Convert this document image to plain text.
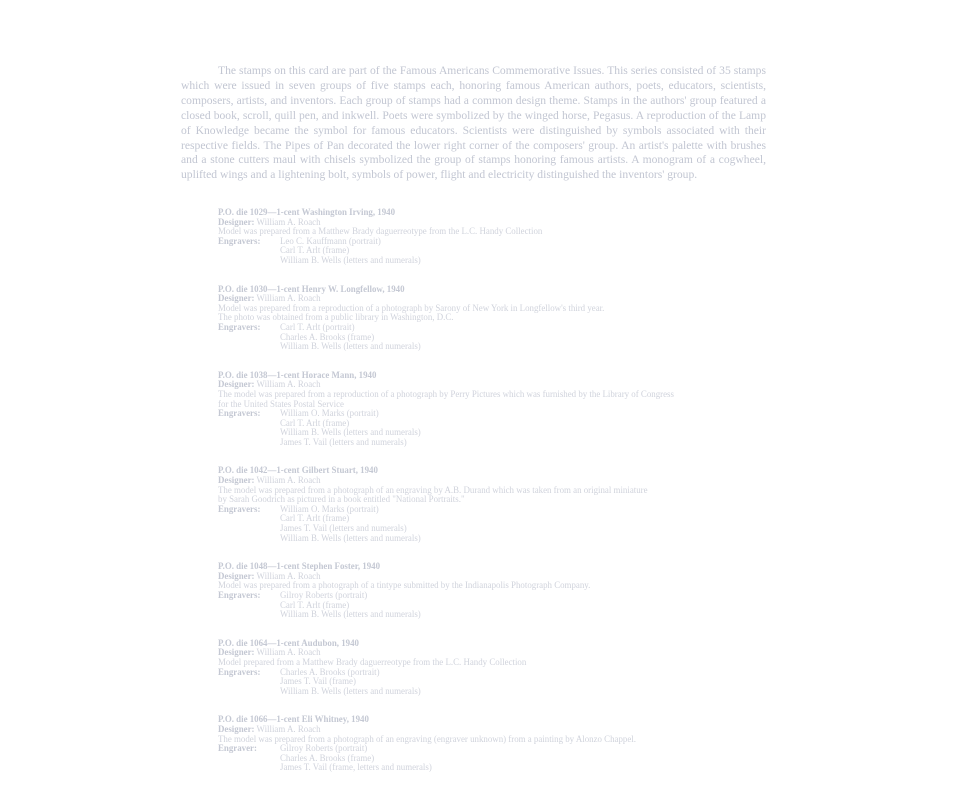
The stamps on this card are part of the Famous Americans Commemorative Issues. This series consisted of 35 stamps which were issued in seven groups of five stamps each, honoring famous American authors, poets, educators, scientists, composers, artists, and inventors. Each group of stamps had a common design theme. Stamps in the authors' group featured a closed book, scroll, quill pen, and inkwell. Poets were symbolized by the winged horse, Pegasus. A reproduction of the Lamp of Knowledge became the symbol for famous educators. Scientists were distinguished by symbols associated with their respective fields. The Pipes of Pan decorated the lower right corner of the composers' group. An artist's palette with brushes and a stone cutters maul with chisels symbolized the group of stamps honoring famous artists. A monogram of a cogwheel, uplifted wings and a lightening bolt, symbols of power, flight and electricity distinguished the inventors' group.

P.O. die 1029—1-cent Washington Irving, 1940
Designer: William A. Roach
Model was prepared from a Matthew Brady daguerreotype from the L.C. Handy Collection
Engravers:	Leo C. Kauffmann (portrait)
Carl T. Arlt (frame)
William B. Wells (letters and numerals)
P.O. die 1030—1-cent Henry W. Longfellow, 1940
Designer: William A. Roach
Model was prepared from a reproduction of a photograph by Sarony of New York in Longfellow's third year.
The photo was obtained from a public library in Washington, D.C.
Engravers:	Carl T. Arlt (portrait)
Charles A. Brooks (frame)
William B. Wells (letters and numerals)
P.O. die 1038—1-cent Horace Mann, 1940
Designer: William A. Roach
The model was prepared from a reproduction of a photograph by Perry Pictures which was furnished by the Library of Congress
for the United States Postal Service
Engravers:	William O. Marks (portrait)
Carl T. Arlt (frame)
William B. Wells (letters and numerals)
James T. Vail (letters and numerals)
P.O. die 1042—1-cent Gilbert Stuart, 1940
Designer: William A. Roach
The model was prepared from a photograph of an engraving by A.B. Durand which was taken from an original miniature
by Sarah Goodrich as pictured in a book entitled "National Portraits."
Engravers:	William O. Marks (portrait)
Carl T. Arlt (frame)
James T. Vail (letters and numerals)
William B. Wells (letters and numerals)
P.O. die 1048—1-cent Stephen Foster, 1940
Designer: William A. Roach
Model was prepared from a photograph of a tintype submitted by the Indianapolis Photograph Company.
Engravers:	Gilroy Roberts (portrait)
Carl T. Arlt (frame)
William B. Wells (letters and numerals)
P.O. die 1064—1-cent Audubon, 1940
Designer: William A. Roach
Model prepared from a Matthew Brady daguerreotype from the L.C. Handy Collection
Engravers:	Charles A. Brooks (portrait)
James T. Vail (frame)
William B. Wells (letters and numerals)
P.O. die 1066—1-cent Eli Whitney, 1940
Designer: William A. Roach
The model was prepared from a photograph of an engraving (engraver unknown) from a painting by Alonzo Chappel.
Engraver:	Gilroy Roberts (portrait)
Charles A. Brooks (frame)
James T. Vail (frame, letters and numerals)
